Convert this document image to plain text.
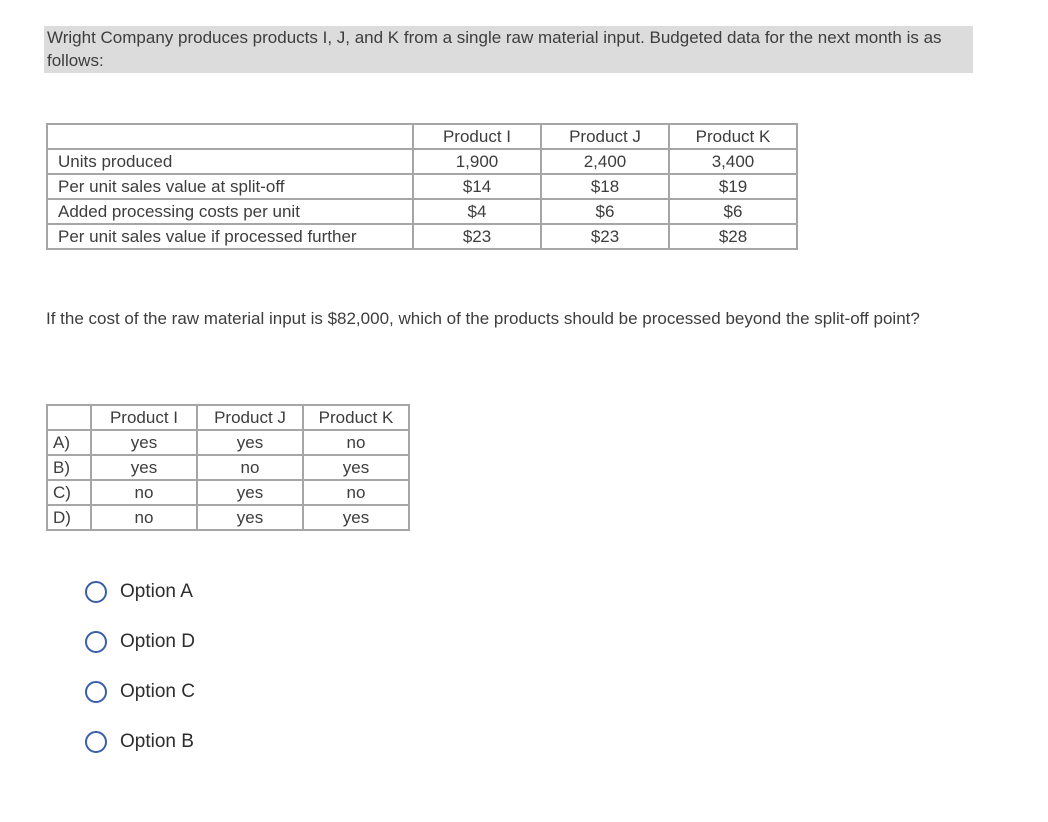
Wright Company produces products I, J, and K from a single raw material input. Budgeted data for the next month is as follows:
	Product I	Product J	Product K
Units produced	1,900	2,400	3,400
Per unit sales value at split-off	$14	$18	$19
Added processing costs per unit	$4	$6	$6
Per unit sales value if processed further	$23	$23	$28
If the cost of the raw material input is $82,000, which of the products should be processed beyond the split-off point?
	Product I	Product J	Product K
A)	yes	yes	no
B)	yes	no	yes
C)	no	yes	no
D)	no	yes	yes
Option A
Option D
Option C
Option B
